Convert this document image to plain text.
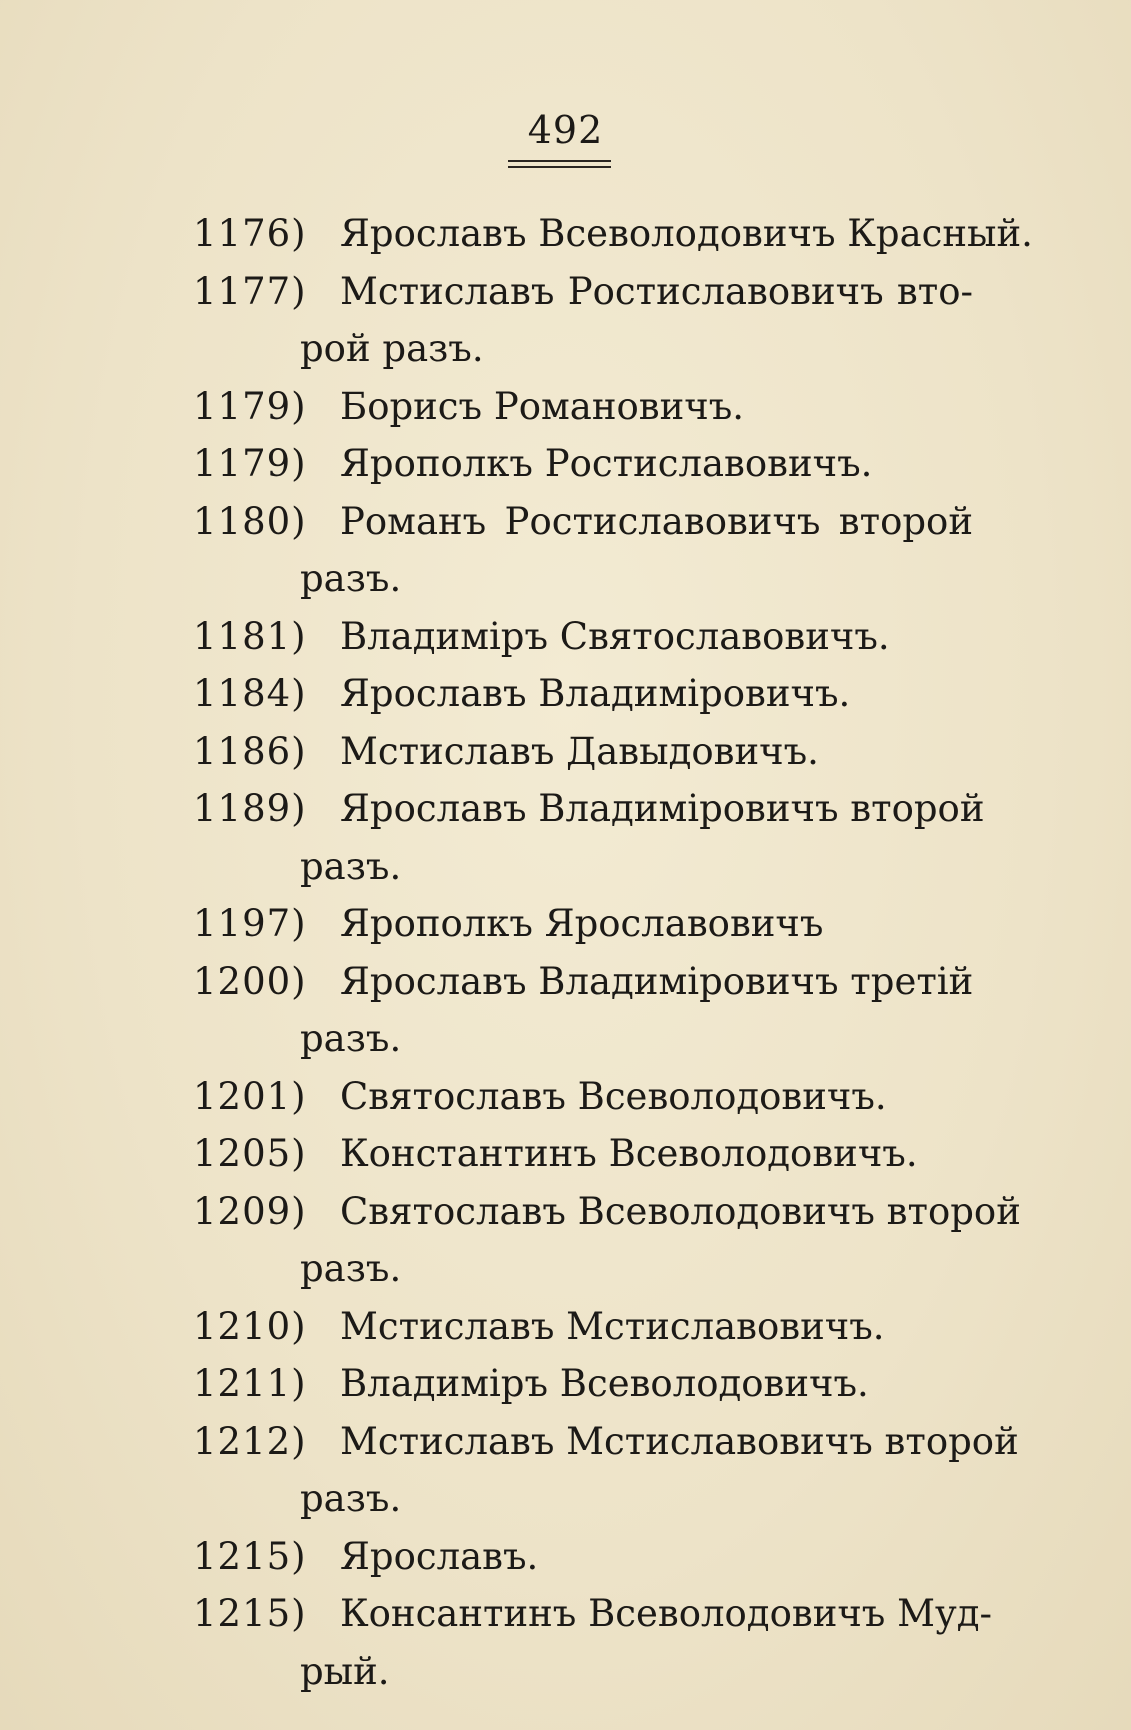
492
1176) Ярославъ Всеволодовичъ Красный.
1177) Мстиславъ Ростиславовичъ вто-
рой разъ.
1179) Борисъ Романовичъ.
1179) Ярополкъ Ростиславовичъ.
1180) Романъ Ростиславовичъ второй
разъ.
1181) Владиміръ Святославовичъ.
1184) Ярославъ Владиміровичъ.
1186) Мстиславъ Давыдовичъ.
1189) Ярославъ Владиміровичъ второй
разъ.
1197) Ярополкъ Ярославовичъ
1200) Ярославъ Владиміровичъ третій
разъ.
1201) Святославъ Всеволодовичъ.
1205) Константинъ Всеволодовичъ.
1209) Святославъ Всеволодовичъ второй
разъ.
1210) Мстиславъ Мстиславовичъ.
1211) Владиміръ Всеволодовичъ.
1212) Мстиславъ Мстиславовичъ второй
разъ.
1215) Ярославъ.
1215) Консантинъ Всеволодовичъ Муд-
рый.
